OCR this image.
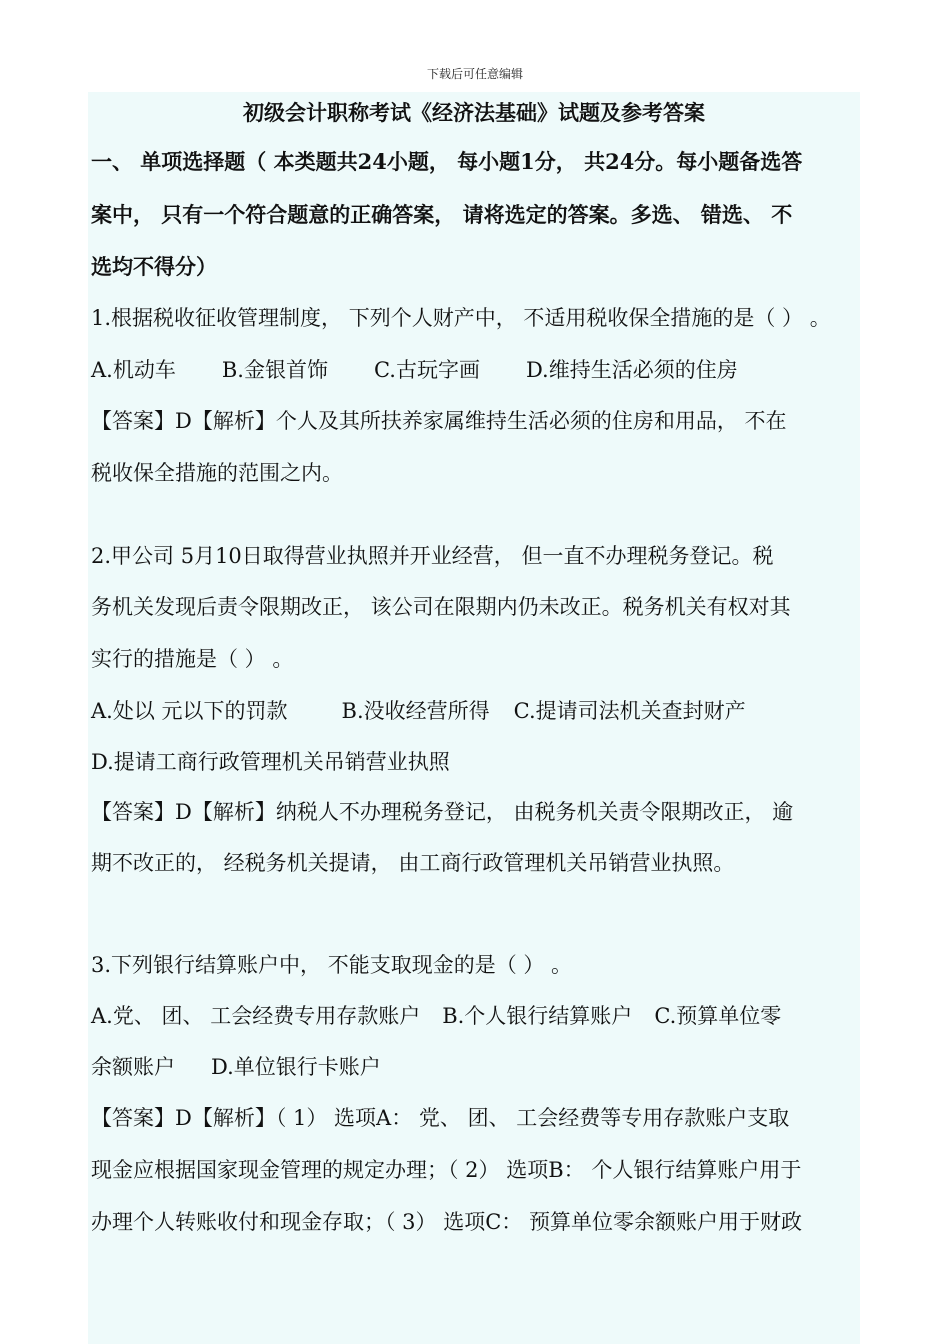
下载后可任意编辑
初级会计职称考试《经济法基础》试题及参考答案
一、 单项选择题（ 本类题共24小题， 每小题1分， 共24分。每小题备选答
案中， 只有一个符合题意的正确答案， 请将选定的答案。多选、 错选、 不
选均不得分）
1.根据税收征收管理制度， 下列个人财产中， 不适用税收保全措施的是（ ） 。
A.机动车 B.金银首饰 C.古玩字画 D.维持生活必须的住房
【答案】D【解析】个人及其所扶养家属维持生活必须的住房和用品， 不在
税收保全措施的范围之内。
2.甲公司 5月10日取得营业执照并开业经营， 但一直不办理税务登记。税
务机关发现后责令限期改正， 该公司在限期内仍未改正。税务机关有权对其
实行的措施是（ ） 。
A.处以 元以下的罚款	B.没收经营所得 C.提请司法机关查封财产
D.提请工商行政管理机关吊销营业执照
【答案】D【解析】纳税人不办理税务登记， 由税务机关责令限期改正， 逾
期不改正的， 经税务机关提请， 由工商行政管理机关吊销营业执照。
3.下列银行结算账户中， 不能支取现金的是（ ） 。
A.党、 团、 工会经费专用存款账户 B.个人银行结算账户 C.预算单位零
余额账户 D.单位银行卡账户
【答案】D【解析】（ 1） 选项A： 党、 团、 工会经费等专用存款账户支取
现金应根据国家现金管理的规定办理；（ 2） 选项B： 个人银行结算账户用于
办理个人转账收付和现金存取；（ 3） 选项C： 预算单位零余额账户用于财政
